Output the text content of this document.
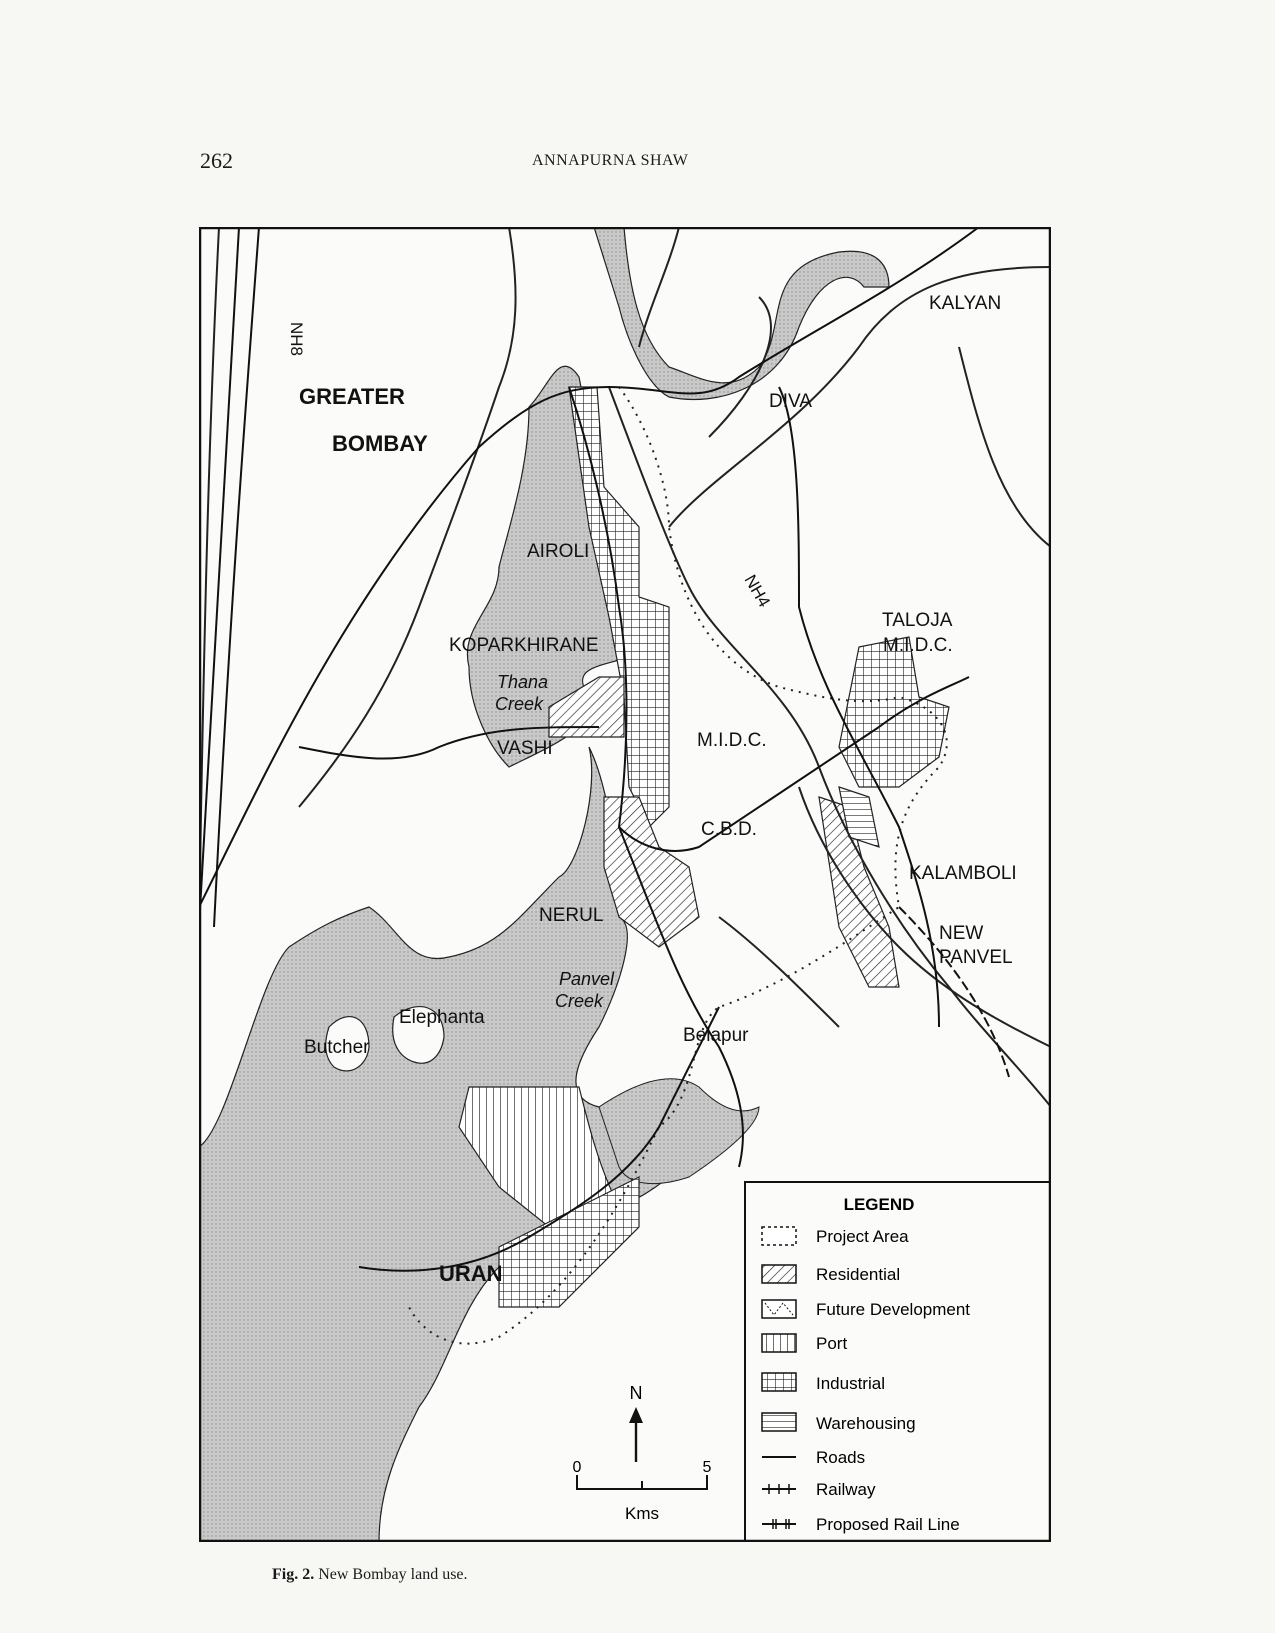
262	ANNAPURNA SHAW
GREATER
BOMBAY
URAN
NH8
NH4
KALYAN
DIVA
AIROLI
KOPARKHIRANE
Thana
Creek
VASHI	M.I.D.C.
TALOJA
M.I.D.C.
C.B.D.
KALAMBOLI
NERUL
NEW
PANVEL
Panvel
Creek
Elephanta
Butcher
Belapur
N
0	5
Kms
LEGEND
Project Area
Residential
Future Development
Port
Industrial
Warehousing
Roads
Railway
Proposed Rail Line
Fig. 2. New Bombay land use.
